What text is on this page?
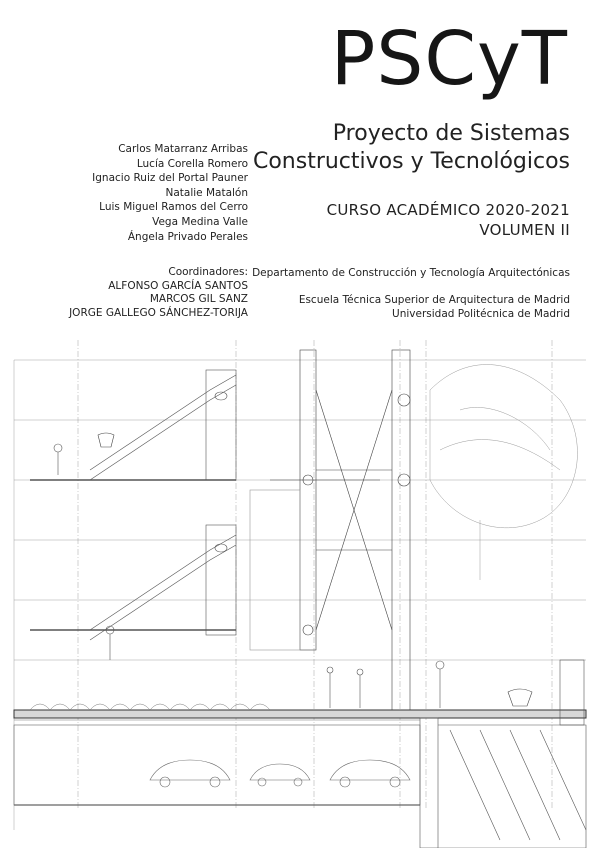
PSCyT
Proyecto de Sistemas
Constructivos y Tecnológicos
CURSO ACADÉMICO 2020-2021
VOLUMEN II
Carlos Matarranz Arribas
Lucía Corella Romero
Ignacio Ruiz del Portal Pauner
Natalie Matalón
Luis Miguel Ramos del Cerro
Vega Medina Valle
Ángela Privado Perales
Coordinadores:
ALFONSO GARCÍA SANTOS
MARCOS GIL SANZ
JORGE GALLEGO SÁNCHEZ-TORIJA
Departamento de Construcción y Tecnología Arquitectónicas
Escuela Técnica Superior de Arquitectura de Madrid
Universidad Politécnica de Madrid
